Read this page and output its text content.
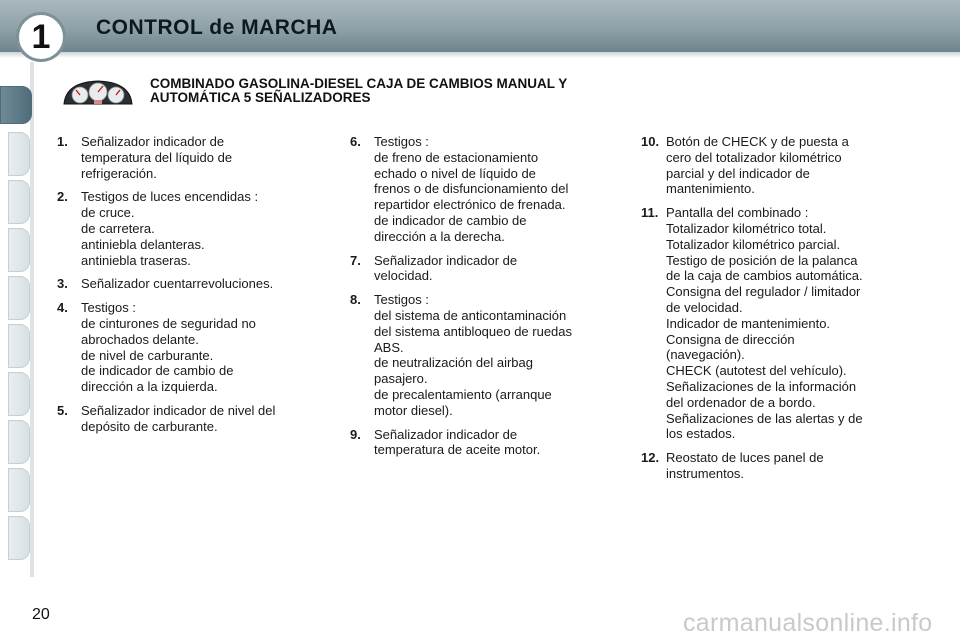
1	CONTROL de MARCHA
COMBINADO GASOLINA-DIESEL CAJA DE CAMBIOS MANUAL Y
AUTOMÁTICA 5 SEÑALIZADORES
1.	Señalizador indicador de
temperatura del líquido de
refrigeración.
2.	Testigos de luces encendidas :
de cruce.
de carretera.
antiniebla delanteras.
antiniebla traseras.
3.	Señalizador cuentarrevoluciones.
4.	Testigos :
de cinturones de seguridad no
abrochados delante.
de nivel de carburante.
de indicador de cambio de
dirección a la izquierda.
5.	Señalizador indicador de nivel del
depósito de carburante.
6.	Testigos :
de freno de estacionamiento
echado o nivel de líquido de
frenos o de disfuncionamiento del
repartidor electrónico de frenada.
de indicador de cambio de
dirección a la derecha.
7.	Señalizador indicador de
velocidad.
8.	Testigos :
del sistema de anticontaminación
del sistema antibloqueo de ruedas
ABS.
de neutralización del airbag
pasajero.
de precalentamiento (arranque
motor diesel).
9.	Señalizador indicador de
temperatura de aceite motor.
10. Botón de CHECK y de puesta a
cero del totalizador kilométrico
parcial y del indicador de
mantenimiento.
11. Pantalla del combinado :
Totalizador kilométrico total.
Totalizador kilométrico parcial.
Testigo de posición de la palanca
de la caja de cambios automática.
Consigna del regulador / limitador
de velocidad.
Indicador de mantenimiento.
Consigna de dirección
(navegación).
CHECK (autotest del vehículo).
Señalizaciones de la información
del ordenador de a bordo.
Señalizaciones de las alertas y de
los estados.
12. Reostato de luces panel de
instrumentos.
20	carmanualsonline.info
